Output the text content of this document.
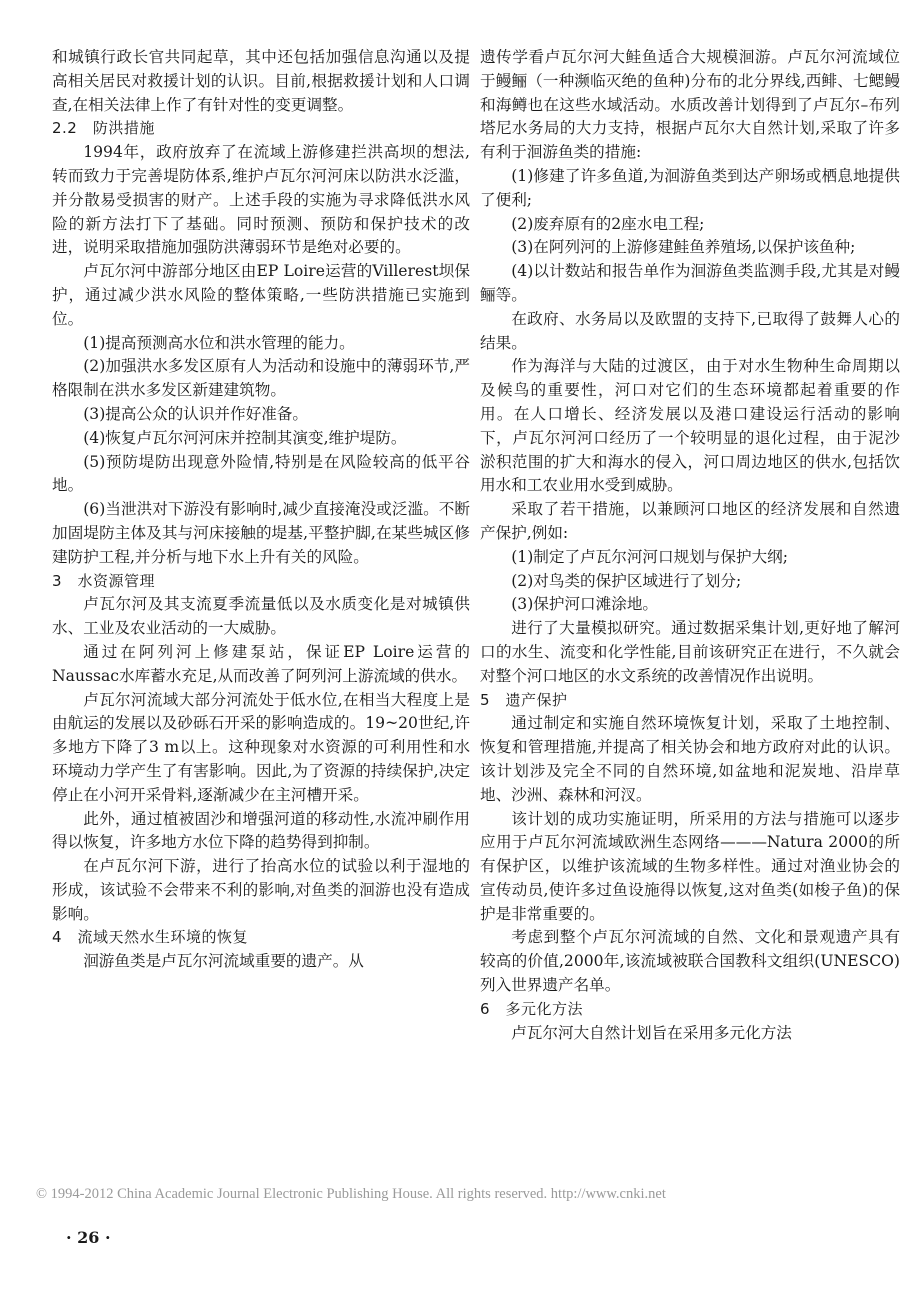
和城镇行政长官共同起草，其中还包括加强信息沟通以及提高相关居民对救援计划的认识。目前,根据救援计划和人口调查,在相关法律上作了有针对性的变更调整。

2.2　防洪措施

1994年，政府放弃了在流域上游修建拦洪高坝的想法,转而致力于完善堤防体系,维护卢瓦尔河河床以防洪水泛滥，并分散易受损害的财产。上述手段的实施为寻求降低洪水风险的新方法打下了基础。同时预测、预防和保护技术的改进，说明采取措施加强防洪薄弱环节是绝对必要的。

卢瓦尔河中游部分地区由EP Loire运营的Villerest坝保护，通过减少洪水风险的整体策略,一些防洪措施已实施到位。

(1)提高预测高水位和洪水管理的能力。

(2)加强洪水多发区原有人为活动和设施中的薄弱环节,严格限制在洪水多发区新建建筑物。

(3)提高公众的认识并作好准备。

(4)恢复卢瓦尔河河床并控制其演变,维护堤防。

(5)预防堤防出现意外险情,特别是在风险较高的低平谷地。

(6)当泄洪对下游没有影响时,减少直接淹没或泛滥。不断加固堤防主体及其与河床接触的堤基,平整护脚,在某些城区修建防护工程,并分析与地下水上升有关的风险。

3　水资源管理

卢瓦尔河及其支流夏季流量低以及水质变化是对城镇供水、工业及农业活动的一大威胁。

通过在阿列河上修建泵站，保证EP Loire运营的Naussac水库蓄水充足,从而改善了阿列河上游流域的供水。

卢瓦尔河流域大部分河流处于低水位,在相当大程度上是由航运的发展以及砂砾石开采的影响造成的。19~20世纪,许多地方下降了3 m以上。这种现象对水资源的可利用性和水环境动力学产生了有害影响。因此,为了资源的持续保护,决定停止在小河开采骨料,逐渐减少在主河槽开采。

此外，通过植被固沙和增强河道的移动性,水流冲刷作用得以恢复，许多地方水位下降的趋势得到抑制。

在卢瓦尔河下游，进行了抬高水位的试验以利于湿地的形成，该试验不会带来不利的影响,对鱼类的洄游也没有造成影响。

4　流域天然水生环境的恢复

洄游鱼类是卢瓦尔河流域重要的遗产。从

遗传学看卢瓦尔河大鲑鱼适合大规模洄游。卢瓦尔河流域位于鳗鲡（一种濒临灭绝的鱼种)分布的北分界线,西鲱、七鳃鳗和海鳟也在这些水域活动。水质改善计划得到了卢瓦尔–布列塔尼水务局的大力支持，根据卢瓦尔大自然计划,采取了许多有利于洄游鱼类的措施:

(1)修建了许多鱼道,为洄游鱼类到达产卵场或栖息地提供了便利;

(2)废弃原有的2座水电工程;

(3)在阿列河的上游修建鲑鱼养殖场,以保护该鱼种;

(4)以计数站和报告单作为洄游鱼类监测手段,尤其是对鳗鲡等。

在政府、水务局以及欧盟的支持下,已取得了鼓舞人心的结果。

作为海洋与大陆的过渡区，由于对水生物种生命周期以及候鸟的重要性，河口对它们的生态环境都起着重要的作用。在人口增长、经济发展以及港口建设运行活动的影响下，卢瓦尔河河口经历了一个较明显的退化过程，由于泥沙淤积范围的扩大和海水的侵入，河口周边地区的供水,包括饮用水和工农业用水受到威胁。

采取了若干措施，以兼顾河口地区的经济发展和自然遗产保护,例如:

(1)制定了卢瓦尔河河口规划与保护大纲;

(2)对鸟类的保护区域进行了划分;

(3)保护河口滩涂地。

进行了大量模拟研究。通过数据采集计划,更好地了解河口的水生、流变和化学性能,目前该研究正在进行，不久就会对整个河口地区的水文系统的改善情况作出说明。

5　遗产保护

通过制定和实施自然环境恢复计划，采取了土地控制、恢复和管理措施,并提高了相关协会和地方政府对此的认识。该计划涉及完全不同的自然环境,如盆地和泥炭地、沿岸草地、沙洲、森林和河汊。

该计划的成功实施证明，所采用的方法与措施可以逐步应用于卢瓦尔河流域欧洲生态网络———Natura 2000的所有保护区，以维护该流域的生物多样性。通过对渔业协会的宣传动员,使许多过鱼设施得以恢复,这对鱼类(如梭子鱼)的保护是非常重要的。

考虑到整个卢瓦尔河流域的自然、文化和景观遗产具有较高的价值,2000年,该流域被联合国教科文组织(UNESCO)列入世界遗产名单。

6　多元化方法

卢瓦尔河大自然计划旨在采用多元化方法

© 1994-2012 China Academic Journal Electronic Publishing House. All rights reserved. http://www.cnki.net
· 26 ·
